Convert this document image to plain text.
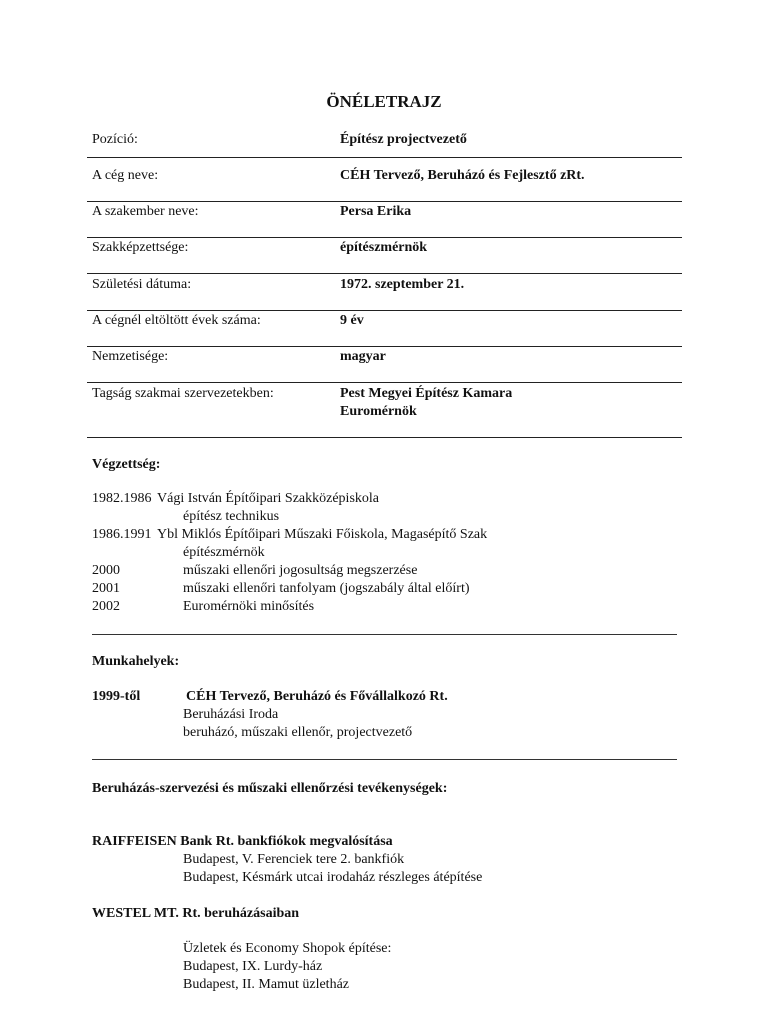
ÖNÉLETRAJZ
Pozíció:	Építész projectvezető
A cég neve:	CÉH Tervező, Beruházó és Fejlesztő zRt.
A szakember neve:	Persa Erika
Szakképzettsége:	építészmérnök
Születési dátuma:	1972. szeptember 21.
A cégnél eltöltött évek száma:	9 év
Nemzetisége:	magyar
Tagság szakmai szervezetekben:	Pest Megyei Építész Kamara
Euromérnök
Végzettség:
1982.1986 Vági István Építőipari Szakközépiskola
építész technikus
1986.1991 Ybl Miklós Építőipari Műszaki Főiskola, Magasépítő Szak
építészmérnök
2000	műszaki ellenőri jogosultság megszerzése
2001	műszaki ellenőri tanfolyam (jogszabály által előírt)
2002	Euromérnöki minősítés
Munkahelyek:
1999-től	CÉH Tervező, Beruházó és Fővállalkozó Rt.
Beruházási Iroda
beruházó, műszaki ellenőr, projectvezető
Beruházás-szervezési és műszaki ellenőrzési tevékenységek:
RAIFFEISEN Bank Rt. bankfiókok megvalósítása
Budapest, V. Ferenciek tere 2. bankfiók
Budapest, Késmárk utcai irodaház részleges átépítése
WESTEL MT. Rt. beruházásaiban
Üzletek és Economy Shopok építése:
Budapest, IX. Lurdy-ház
Budapest, II. Mamut üzletház
